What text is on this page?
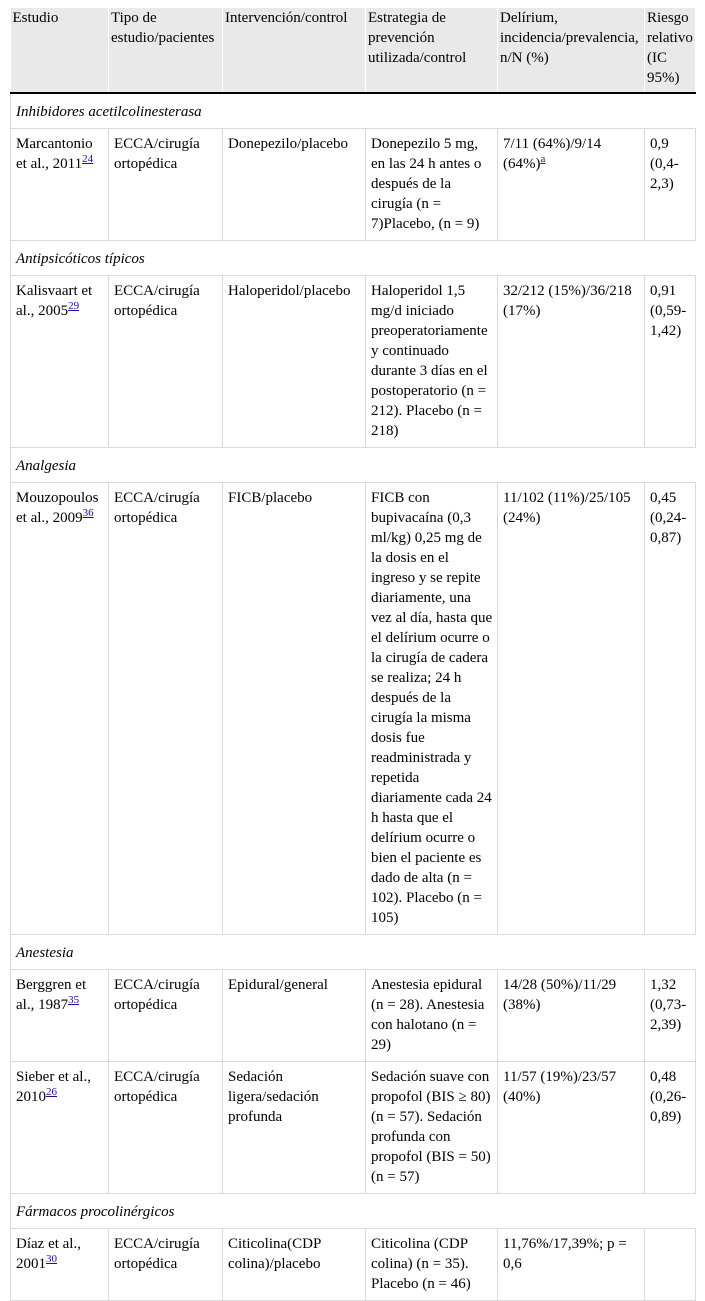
Estudio	Tipo de estudio/pacientes	Intervención/control	Estrategia de prevención utilizada/control	Delírium, incidencia/prevalencia, n/N (%)	Riesgo relativo (IC 95%)
Inhibidores acetilcolinesterasa					
Marcantonio et al., 2011$^{24}$	ECCA/cirugía ortopédica	Donepezilo/placebo	Donepezilo 5 mg, en las 24 h antes o después de la cirugía (n = 7)Placebo, (n = 9)	7/11 (64%)/9/14 (64%)$^a$	0,9 (0,4-2,3)
Antipsicóticos típicos					
Kalisvaart et al., 2005$^{29}$	ECCA/cirugía ortopédica	Haloperidol/placebo	Haloperidol 1,5 mg/d iniciado preoperatoriamente y continuado durante 3 días en el postoperatorio (n = 212). Placebo (n = 218)	32/212 (15%)/36/218 (17%)	0,91 (0,59-1,42)
Analgesia					
Mouzopoulos et al., 2009$^{36}$	ECCA/cirugía ortopédica	FICB/placebo	FICB con bupivacaína (0,3 ml/kg) 0,25 mg de la dosis en el ingreso y se repite diariamente, una vez al día, hasta que el delírium ocurre o la cirugía de cadera se realiza; 24 h después de la cirugía la misma dosis fue readministrada y repetida diariamente cada 24 h hasta que el delírium ocurre o bien el paciente es dado de alta (n = 102). Placebo (n = 105)	11/102 (11%)/25/105 (24%)	0,45 (0,24-0,87)
Anestesia					
Berggren et al., 1987$^{35}$	ECCA/cirugía ortopédica	Epidural/general	Anestesia epidural (n = 28). Anestesia con halotano (n = 29)	14/28 (50%)/11/29 (38%)	1,32 (0,73-2,39)
Sieber et al., 2010$^{26}$	ECCA/cirugía ortopédica	Sedación ligera/sedación profunda	Sedación suave con propofol (BIS ≥ 80) (n = 57). Sedación profunda con propofol (BIS = 50) (n = 57)	11/57 (19%)/23/57 (40%)	0,48 (0,26-0,89)
Fármacos procolinérgicos					
Díaz et al., 2001$^{30}$	ECCA/cirugía ortopédica	Citicolina(CDP colina)/placebo	Citicolina (CDP colina) (n = 35). Placebo (n = 46)	11,76%/17,39%; p = 0,6	
